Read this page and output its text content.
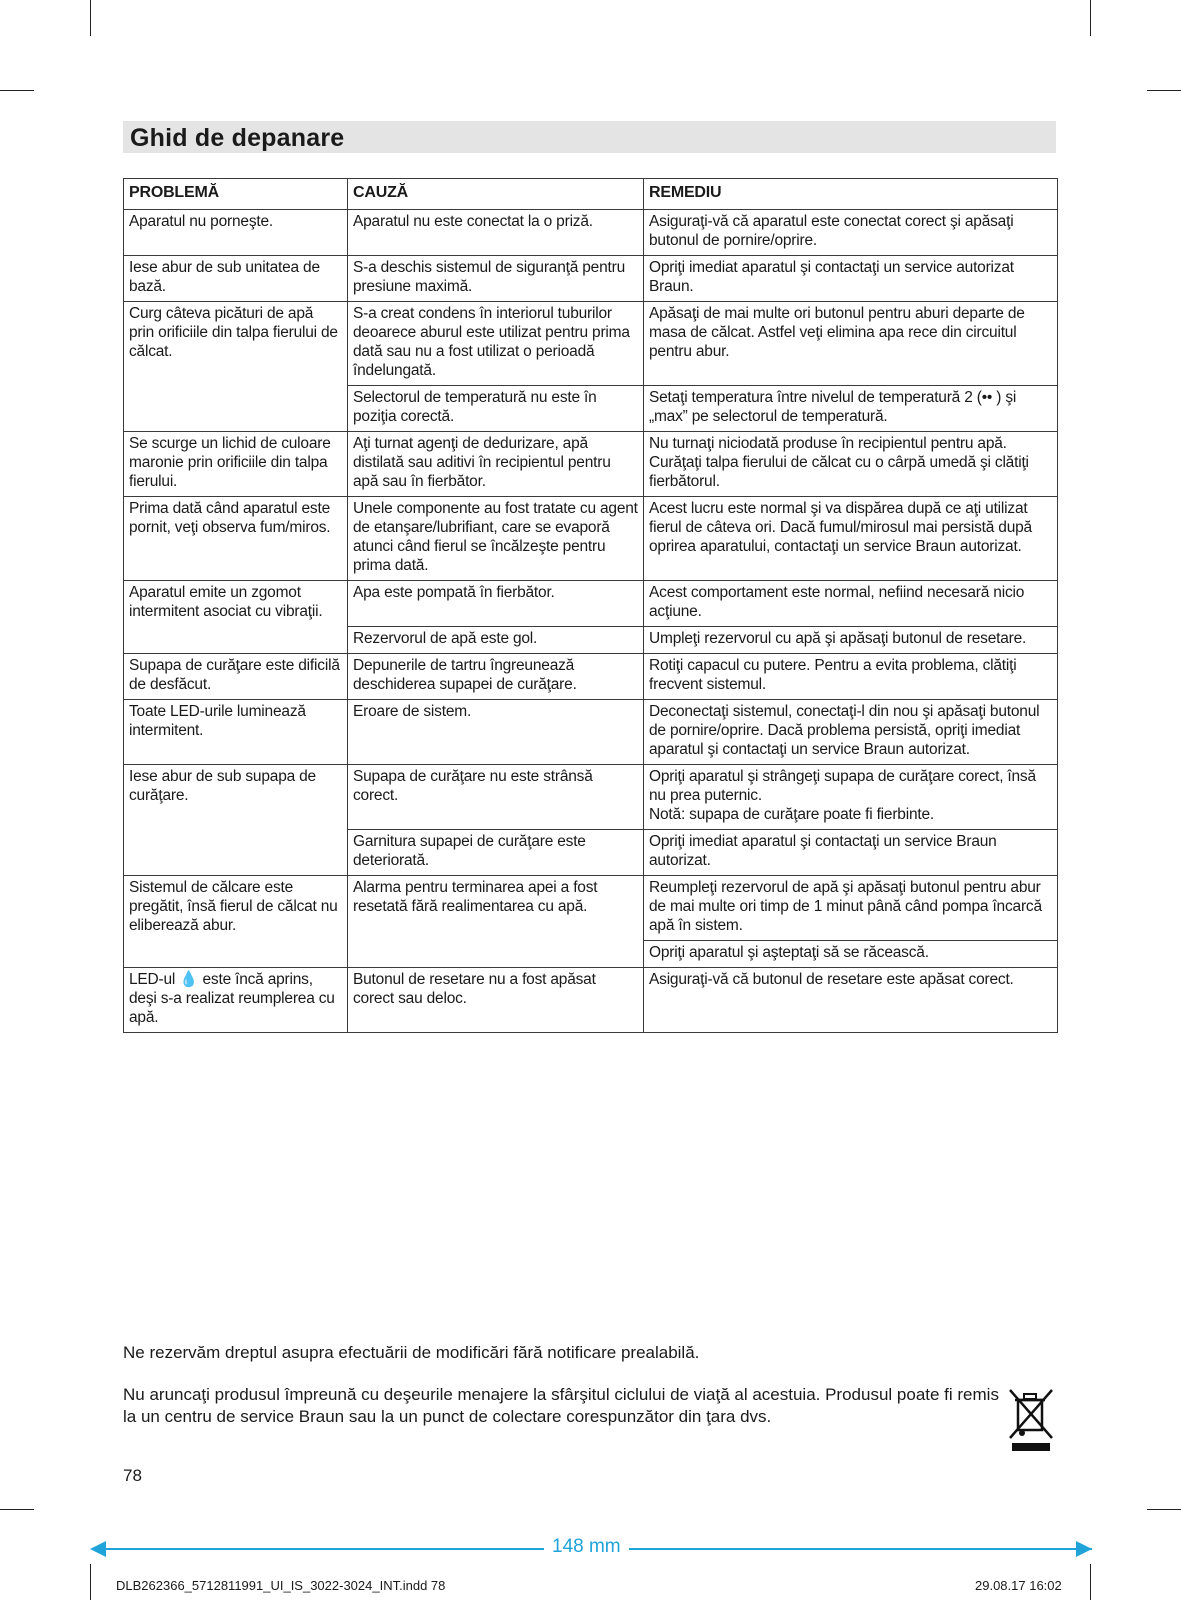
Ghid de depanare
PROBLEMĂ	CAUZĂ	REMEDIU
Aparatul nu porneşte.	Aparatul nu este conectat la o priză.	Asiguraţi-vă că aparatul este conectat corect şi apăsaţi butonul de pornire/oprire.
Iese abur de sub unitatea de bază.	S-a deschis sistemul de siguranţă pentru presiune maximă.	Opriţi imediat aparatul şi contactaţi un service autorizat Braun.
Curg câteva picături de apă prin orificiile din talpa fierului de călcat.	S-a creat condens în interiorul tuburilor deoarece aburul este utilizat pentru prima dată sau nu a fost utilizat o perioadă îndelungată.	Apăsaţi de mai multe ori butonul pentru aburi departe de masa de călcat. Astfel veţi elimina apa rece din circuitul pentru abur.
	Selectorul de temperatură nu este în poziţia corectă.	Setaţi temperatura între nivelul de temperatură 2 (•• ) şi „max” pe selectorul de temperatură.
Se scurge un lichid de culoare maronie prin orificiile din talpa fierului.	Aţi turnat agenţi de dedurizare, apă distilată sau aditivi în recipientul pentru apă sau în fierbător.	Nu turnaţi niciodată produse în recipientul pentru apă. Curăţaţi talpa fierului de călcat cu o cârpă umedă şi clătiţi fierbătorul.
Prima dată când aparatul este pornit, veţi observa fum/miros.	Unele componente au fost tratate cu agent de etanşare/lubrifiant, care se evaporă atunci când fierul se încălzeşte pentru prima dată.	Acest lucru este normal şi va dispărea după ce aţi utilizat fierul de câteva ori. Dacă fumul/mirosul mai persistă după oprirea aparatului, contactaţi un service Braun autorizat.
Aparatul emite un zgomot intermitent asociat cu vibraţii.	Apa este pompată în fierbător.	Acest comportament este normal, nefiind necesară nicio acţiune.
	Rezervorul de apă este gol.	Umpleţi rezervorul cu apă şi apăsaţi butonul de resetare.
Supapa de curăţare este dificilă de desfăcut.	Depunerile de tartru îngreunează deschiderea supapei de curăţare.	Rotiţi capacul cu putere. Pentru a evita problema, clătiţi frecvent sistemul.
Toate LED-urile luminează intermitent.	Eroare de sistem.	Deconectaţi sistemul, conectaţi-l din nou şi apăsaţi butonul de pornire/oprire. Dacă problema persistă, opriţi imediat aparatul şi contactaţi un service Braun autorizat.
Iese abur de sub supapa de curăţare.	Supapa de curăţare nu este strânsă corect.	Opriţi aparatul şi strângeţi supapa de curăţare corect, însă nu prea puternic.
Notă: supapa de curăţare poate fi fierbinte.
	Garnitura supapei de curăţare este deteriorată.	Opriţi imediat aparatul şi contactaţi un service Braun autorizat.
Sistemul de călcare este pregătit, însă fierul de călcat nu eliberează abur.	Alarma pentru terminarea apei a fost resetată fără realimentarea cu apă.	Reumpleţi rezervorul de apă şi apăsaţi butonul pentru abur de mai multe ori timp de 1 minut până când pompa încarcă apă în sistem.
		Opriţi aparatul şi aşteptaţi să se răcească.
LED-ul 💧 este încă aprins, deşi s-a realizat reumplerea cu apă.	Butonul de resetare nu a fost apăsat corect sau deloc.	Asiguraţi-vă că butonul de resetare este apăsat corect.
Ne rezervăm dreptul asupra efectuării de modificări fără notificare prealabilă.
Nu aruncaţi produsul împreună cu deşeurile menajere la sfârşitul ciclului de viaţă al acestuia. Produsul poate fi remis la un centru de service Braun sau la un punct de colectare corespunzător din ţara dvs.
78
148 mm
DLB262366_5712811991_UI_IS_3022-3024_INT.indd 78	29.08.17 16:02
